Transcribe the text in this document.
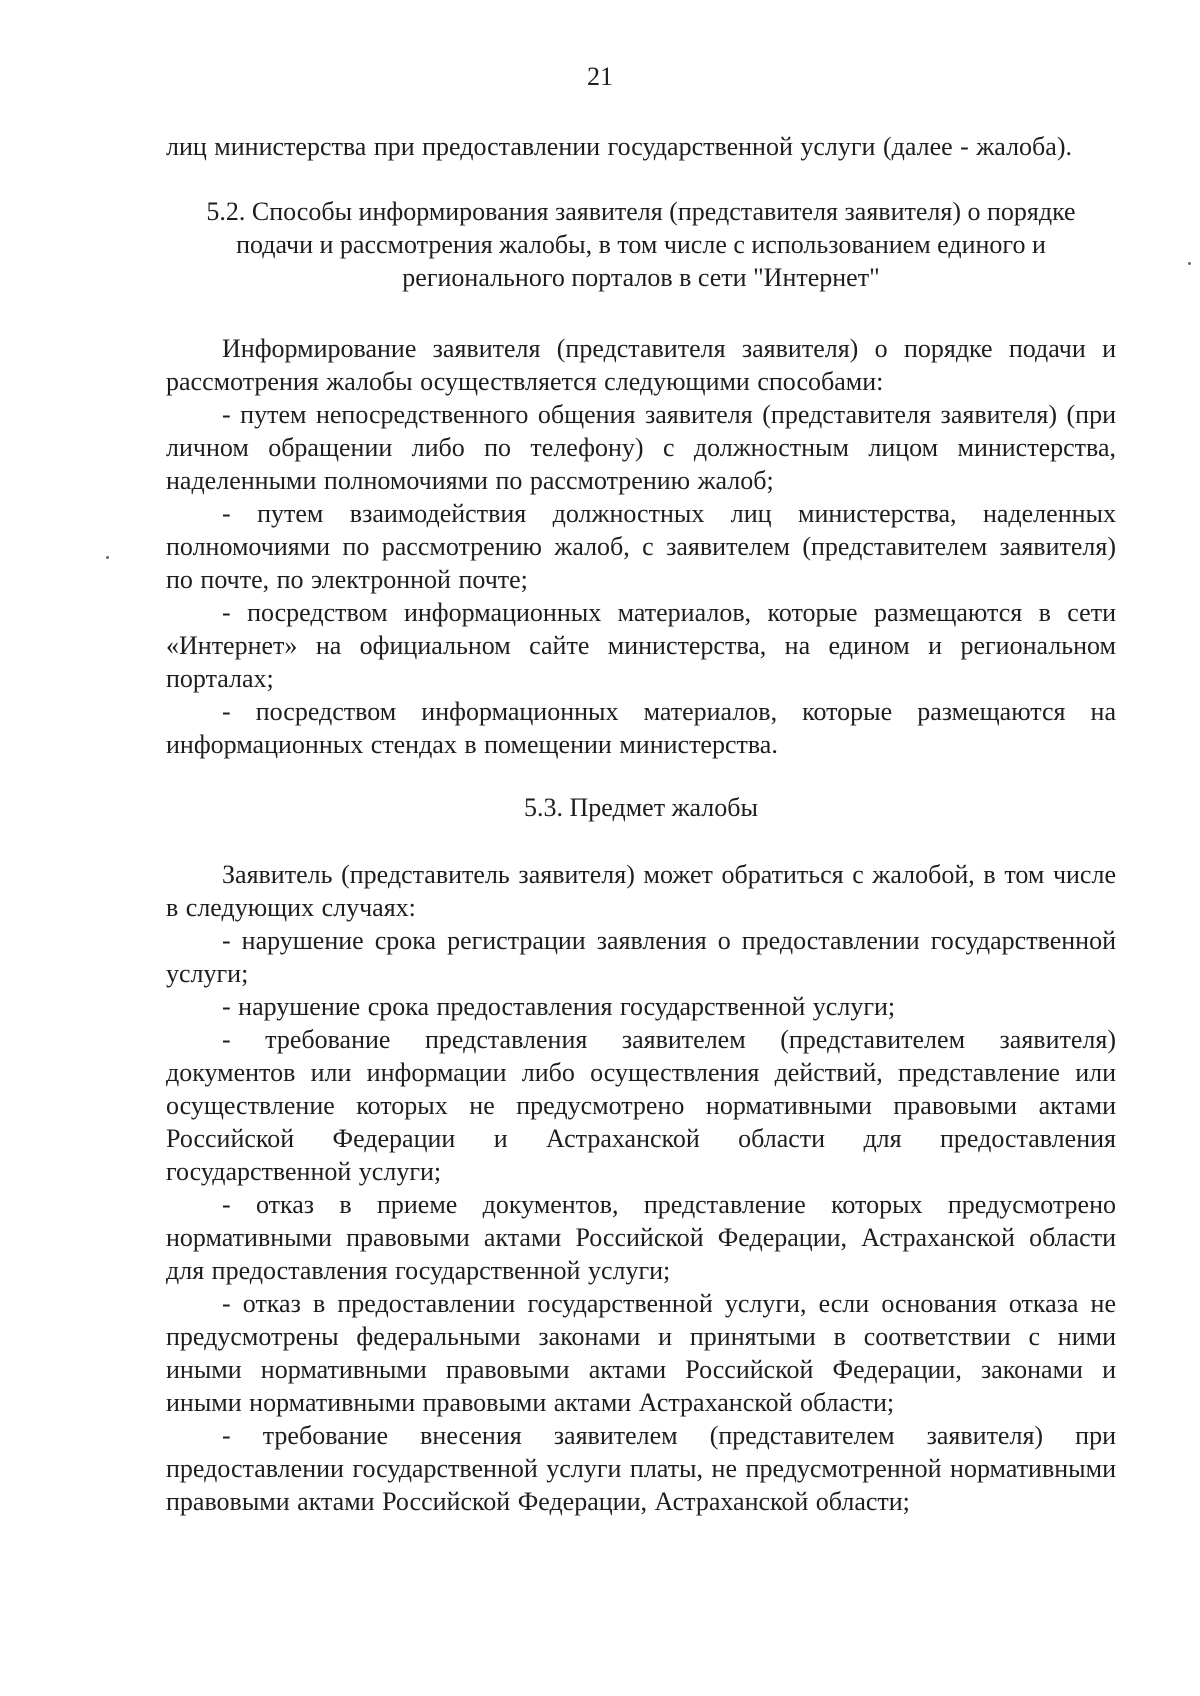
21

лиц министерства при предоставлении государственной услуги (далее - жалоба).

5.2. Способы информирования заявителя (представителя заявителя) о порядке подачи и рассмотрения жалобы, в том числе с использованием единого и регионального порталов в сети "Интернет"

Информирование заявителя (представителя заявителя) о порядке подачи и рассмотрения жалобы осуществляется следующими способами:

- путем непосредственного общения заявителя (представителя заявителя) (при личном обращении либо по телефону) с должностным лицом министерства, наделенными полномочиями по рассмотрению жалоб;

- путем взаимодействия должностных лиц министерства, наделенных полномочиями по рассмотрению жалоб, с заявителем (представителем заявителя) по почте, по электронной почте;

- посредством информационных материалов, которые размещаются в сети «Интернет» на официальном сайте министерства, на едином и региональном порталах;

- посредством информационных материалов, которые размещаются на информационных стендах в помещении министерства.

5.3. Предмет жалобы

Заявитель (представитель заявителя) может обратиться с жалобой, в том числе в следующих случаях:

- нарушение срока регистрации заявления о предоставлении государственной услуги;

- нарушение срока предоставления государственной услуги;

- требование представления заявителем (представителем заявителя) документов или информации либо осуществления действий, представление или осуществление которых не предусмотрено нормативными правовыми актами Российской Федерации и Астраханской области для предоставления государственной услуги;

- отказ в приеме документов, представление которых предусмотрено нормативными правовыми актами Российской Федерации, Астраханской области для предоставления государственной услуги;

- отказ в предоставлении государственной услуги, если основания отказа не предусмотрены федеральными законами и принятыми в соответствии с ними иными нормативными правовыми актами Российской Федерации, законами и иными нормативными правовыми актами Астраханской области;

- требование внесения заявителем (представителем заявителя) при предоставлении государственной услуги платы, не предусмотренной нормативными правовыми актами Российской Федерации, Астраханской области;
